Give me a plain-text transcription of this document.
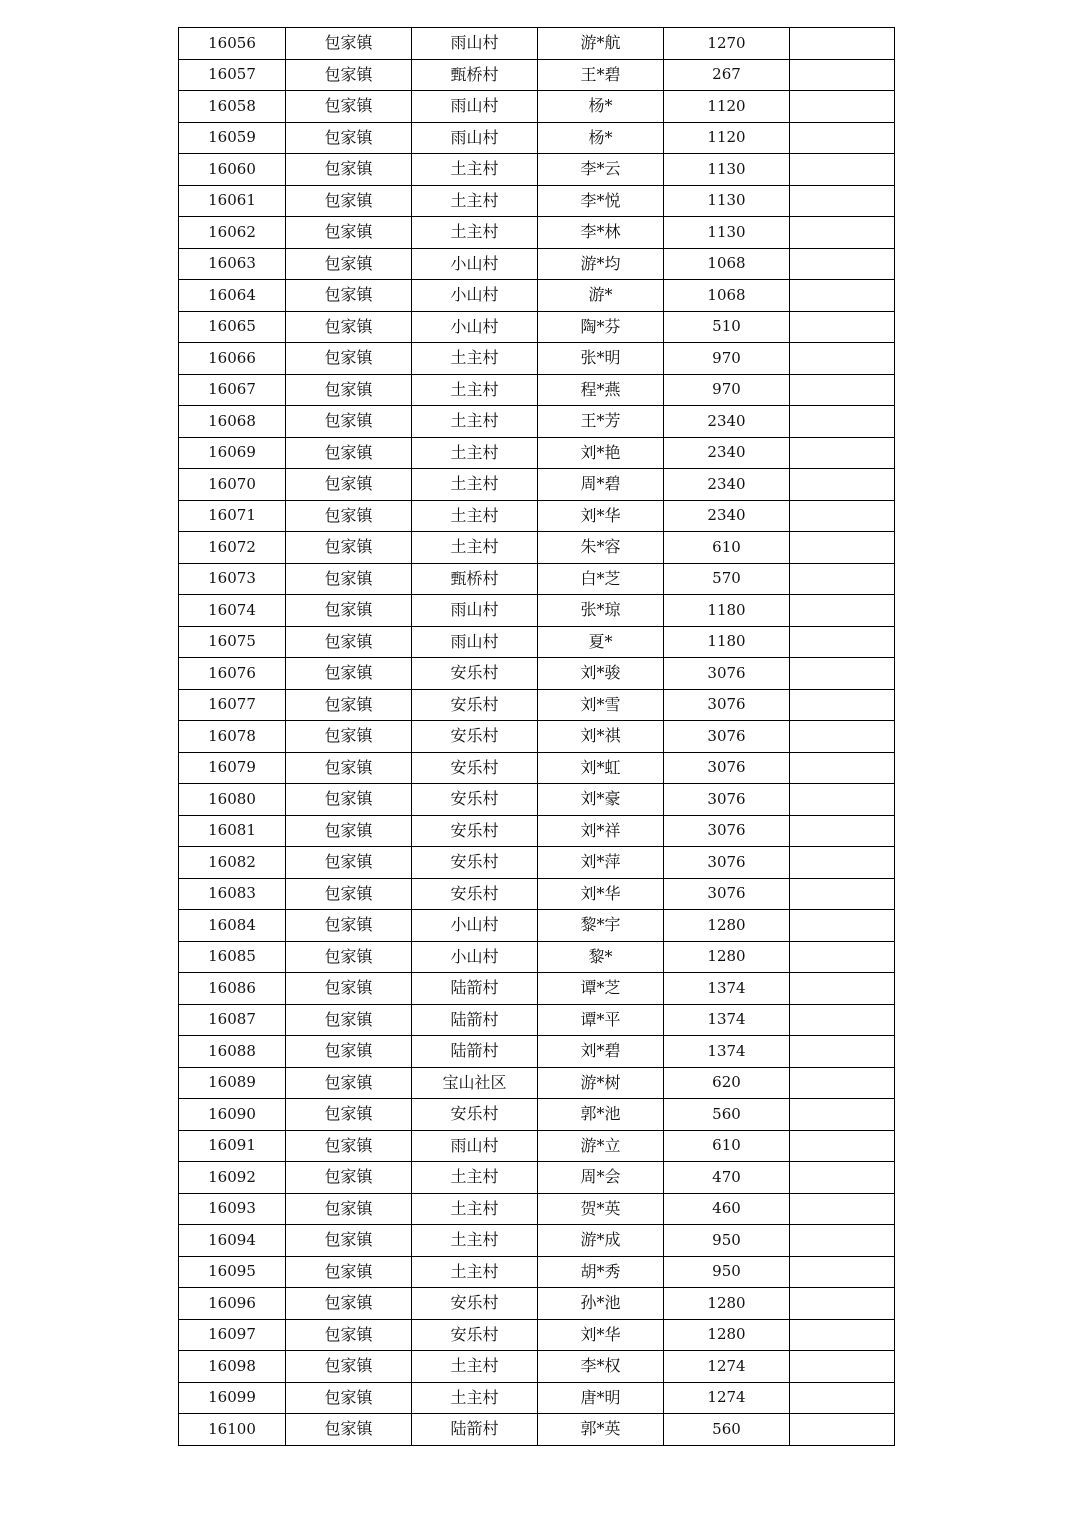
16056	包家镇	雨山村	游*航	1270	
16057	包家镇	甄桥村	王*碧	267	
16058	包家镇	雨山村	杨*	1120	
16059	包家镇	雨山村	杨*	1120	
16060	包家镇	土主村	李*云	1130	
16061	包家镇	土主村	李*悦	1130	
16062	包家镇	土主村	李*林	1130	
16063	包家镇	小山村	游*均	1068	
16064	包家镇	小山村	游*	1068	
16065	包家镇	小山村	陶*芬	510	
16066	包家镇	土主村	张*明	970	
16067	包家镇	土主村	程*燕	970	
16068	包家镇	土主村	王*芳	2340	
16069	包家镇	土主村	刘*艳	2340	
16070	包家镇	土主村	周*碧	2340	
16071	包家镇	土主村	刘*华	2340	
16072	包家镇	土主村	朱*容	610	
16073	包家镇	甄桥村	白*芝	570	
16074	包家镇	雨山村	张*琼	1180	
16075	包家镇	雨山村	夏*	1180	
16076	包家镇	安乐村	刘*骏	3076	
16077	包家镇	安乐村	刘*雪	3076	
16078	包家镇	安乐村	刘*祺	3076	
16079	包家镇	安乐村	刘*虹	3076	
16080	包家镇	安乐村	刘*豪	3076	
16081	包家镇	安乐村	刘*祥	3076	
16082	包家镇	安乐村	刘*萍	3076	
16083	包家镇	安乐村	刘*华	3076	
16084	包家镇	小山村	黎*宇	1280	
16085	包家镇	小山村	黎*	1280	
16086	包家镇	陆箭村	谭*芝	1374	
16087	包家镇	陆箭村	谭*平	1374	
16088	包家镇	陆箭村	刘*碧	1374	
16089	包家镇	宝山社区	游*树	620	
16090	包家镇	安乐村	郭*池	560	
16091	包家镇	雨山村	游*立	610	
16092	包家镇	土主村	周*会	470	
16093	包家镇	土主村	贺*英	460	
16094	包家镇	土主村	游*成	950	
16095	包家镇	土主村	胡*秀	950	
16096	包家镇	安乐村	孙*池	1280	
16097	包家镇	安乐村	刘*华	1280	
16098	包家镇	土主村	李*权	1274	
16099	包家镇	土主村	唐*明	1274	
16100	包家镇	陆箭村	郭*英	560	
